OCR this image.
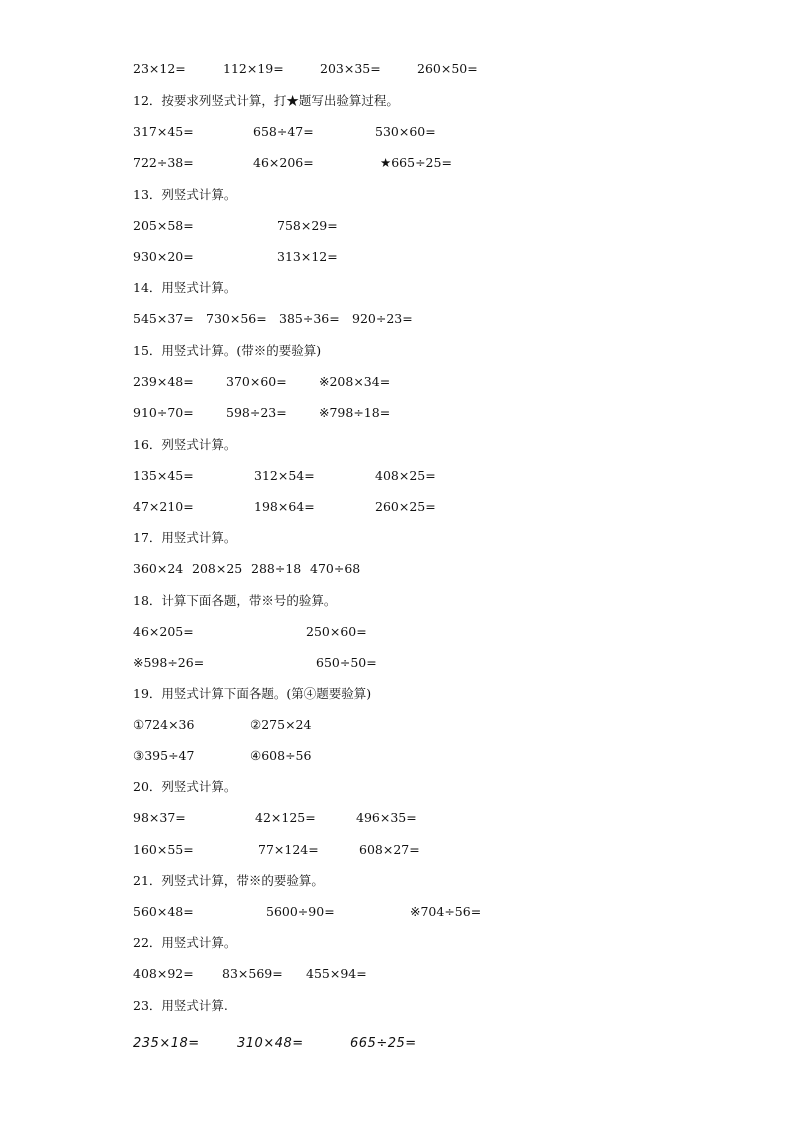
23×12=	112×19=	203×35=	260×50=
12．按要求列竖式计算，打★题写出验算过程。
317×45=	658÷47=	530×60=
722÷38=	46×206=	★665÷25=
13．列竖式计算。
205×58=	758×29=
930×20=	313×12=
14．用竖式计算。
545×37= 730×56= 385÷36= 920÷23=
15．用竖式计算。(带※的要验算)
239×48=	370×60=	※208×34=
910÷70=	598÷23=	※798÷18=
16．列竖式计算。
135×45=	312×54=	408×25=
47×210=	198×64=	260×25=
17．用竖式计算。
360×24 208×25 288÷18 470÷68
18．计算下面各题，带※号的验算。
46×205=	250×60=
※598÷26=	650÷50=
19．用竖式计算下面各题。(第④题要验算)
①724×36	②275×24
③395÷47	④608÷56
20．列竖式计算。
98×37=	42×125=	496×35=
160×55=	77×124=	608×27=
21．列竖式计算，带※的要验算。
560×48=	5600÷90=	※704÷56=
22．用竖式计算。
408×92= 83×569= 455×94=
23．用竖式计算.
235×18=	310×48=	665÷25=
